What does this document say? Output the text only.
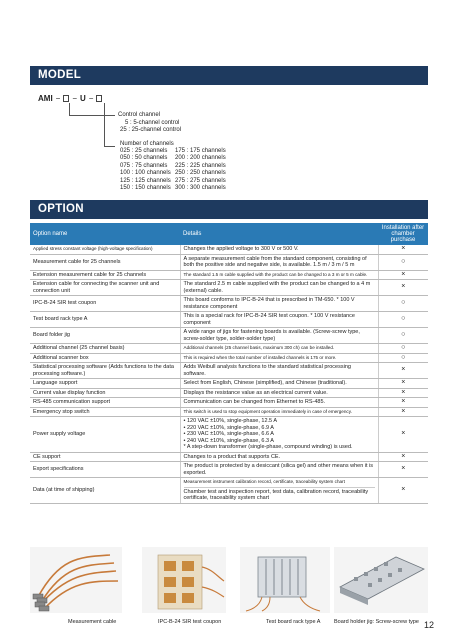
MODEL
AMI − − U −
Control channel
5 : 5-channel control
25 : 25-channel control
Number of channels
025 : 25 channels	175 : 175 channels
050 : 50 channels	200 : 200 channels
075 : 75 channels	225 : 225 channels
100 : 100 channels 250 : 250 channels
125 : 125 channels 275 : 275 channels
150 : 150 channels 300 : 300 channels
OPTION
Option name	Details	Installation after chamber purchase
Applied stress constant voltage (high-voltage specification)	Changes the applied voltage to 300 V or 500 V.	×
Measurement cable for 25 channels	A separate measurement cable from the standard component, consisting of both the positive side and negative side, is available. 1.5 m / 3 m / 5 m	○
Extension measurement cable for 25 channels	The standard 1.5 m cable supplied with the product can be changed to a 3 m or 5 m cable.	×
Extension cable for connecting the scanner unit and connection unit	The standard 2.5 m cable supplied with the product can be changed to a 4 m (external) cable.	×
IPC-B-24 SIR test coupon	This board conforms to IPC-B-24 that is prescribed in TM-650. * 100 V resistance component	○
Test board rack type A	This is a special rack for IPC-B-24 SIR test coupon. * 100 V resistance component	○
Board folder jig	A wide range of jigs for fastening boards is available. (Screw-screw type, screw-solder type, solder-solder type)	○
Additional channel (25 channel basis)	Additional channels (25 channel basis, maximum 300 ch) can be installed.	○
Additional scanner box	This is required when the total number of installed channels is 175 or more.	○
Statistical processing software (Adds functions to the data processing software.)	Adds Weibull analysis functions to the standard statistical processing software.	×
Language support	Select from English, Chinese (simplified), and Chinese (traditional).	×
Current value display function	Displays the resistance value as an electrical current value.	×
RS-485 communication support	Communication can be changed from Ethernet to RS-485.	×
Emergency stop switch	This switch is used to stop equipment operation immediately in case of emergency.	×
Power supply voltage	• 120 VAC ±10%, single-phase, 12.5 A
• 220 VAC ±10%, single-phase, 6.9 A
• 230 VAC ±10%, single-phase, 6.6 A
• 240 VAC ±10%, single-phase, 6.3 A
* A step-down transformer (single-phase, compound winding) is used.	×
CE support	Changes to a product that supports CE.	×
Export specifications	The product is protected by a desiccant (silica gel) and other means when it is exported.	×
Data (at time of shipping)	Measurement instrument calibration record, certificate, traceability system chart
Chamber test and inspection report, test data, calibration record, traceability certificate, traceability system chart	×
Measurement cable	IPC-B-24 SIR test coupon	Test board rack type A Board holder jig: Screw-screw type 12
